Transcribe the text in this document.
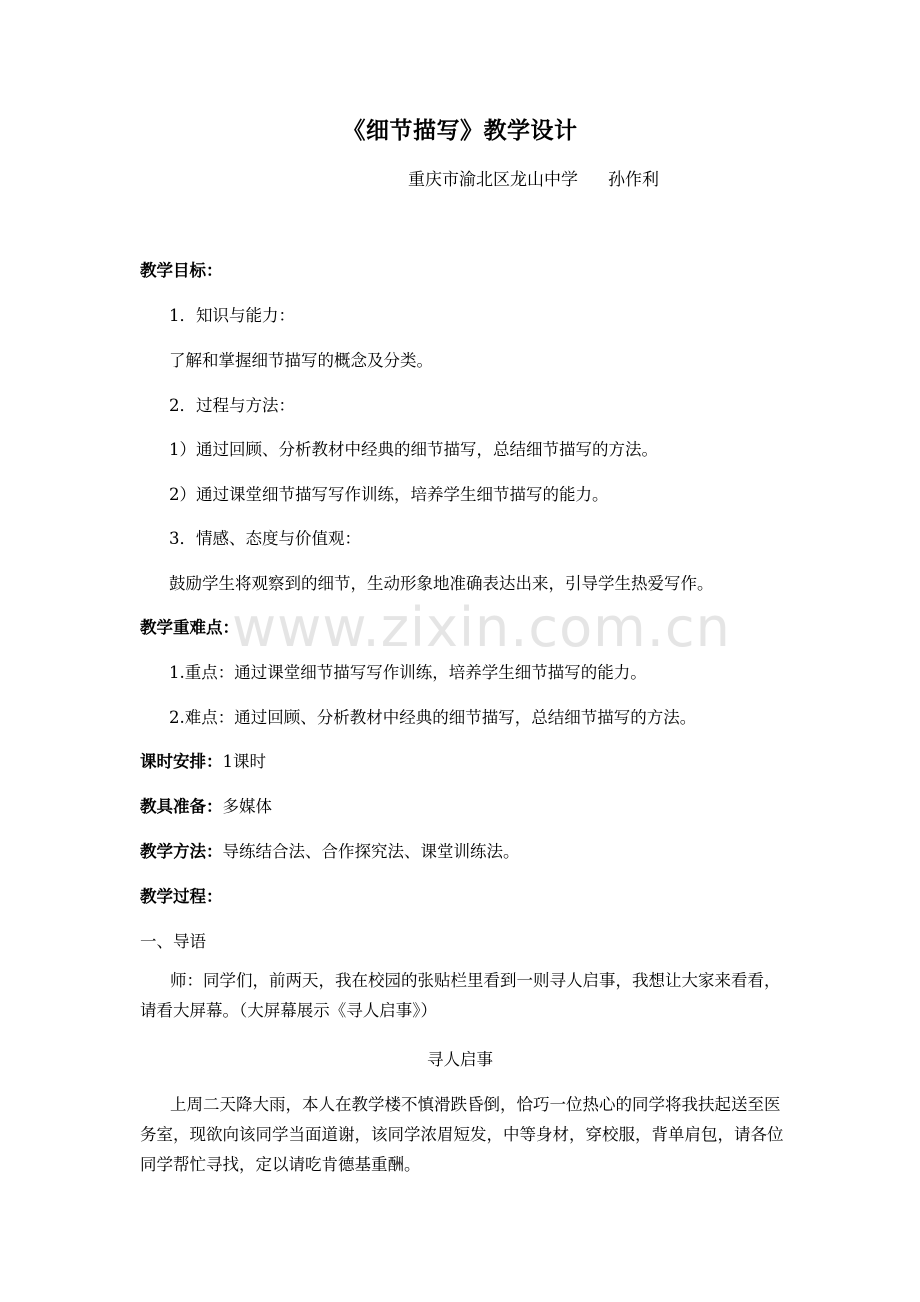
《细节描写》教学设计
重庆市渝北区龙山中学 孙作利
教学目标：
1．知识与能力：
了解和掌握细节描写的概念及分类。
2．过程与方法：
1）通过回顾、分析教材中经典的细节描写，总结细节描写的方法。
2）通过课堂细节描写写作训练，培养学生细节描写的能力。
3．情感、态度与价值观：
鼓励学生将观察到的细节，生动形象地准确表达出来，引导学生热爱写作。
www.zixin.com.cn
教学重难点：
1.重点：通过课堂细节描写写作训练，培养学生细节描写的能力。
2.难点：通过回顾、分析教材中经典的细节描写，总结细节描写的方法。
课时安排：1课时
教具准备：多媒体
教学方法：导练结合法、合作探究法、课堂训练法。
教学过程：
一、导语
师：同学们，前两天，我在校园的张贴栏里看到一则寻人启事，我想让大家来看看，请看大屏幕。（大屏幕展示《寻人启事》）
寻人启事
上周二天降大雨，本人在教学楼不慎滑跌昏倒，恰巧一位热心的同学将我扶起送至医务室，现欲向该同学当面道谢，该同学浓眉短发，中等身材，穿校服，背单肩包，请各位同学帮忙寻找，定以请吃肯德基重酬。
